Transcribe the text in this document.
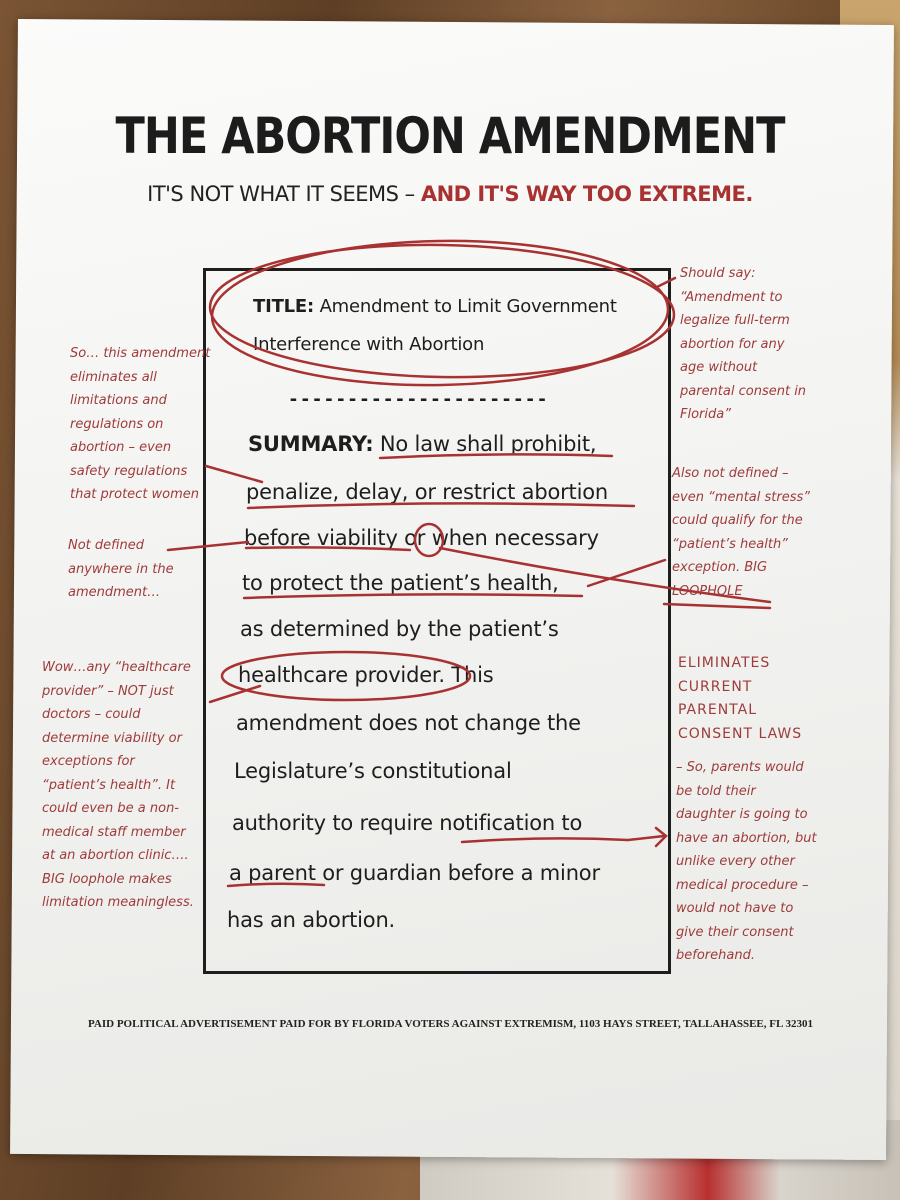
THE ABORTION AMENDMENT
IT'S NOT WHAT IT SEEMS – AND IT'S WAY TOO EXTREME.
TITLE: Amendment to Limit Government
Interference with Abortion
----------------------
SUMMARY: No law shall prohibit,
penalize, delay, or restrict abortion
before viability or when necessary
to protect the patient’s health,
as determined by the patient’s
healthcare provider. This
amendment does not change the
Legislature’s constitutional
authority to require notification to
a parent or guardian before a minor
has an abortion.
Should say:
“Amendment to
legalize full-term
abortion for any
age without
parental consent in
Florida”
So… this amendment
eliminates all
limitations and
regulations on
abortion – even
safety regulations
that protect women
Not defined
anywhere in the
amendment…
Also not defined –
even “mental stress”
could qualify for the
“patient’s health”
exception. BIG
LOOPHOLE
Wow…any “healthcare
provider” – NOT just
doctors – could
determine viability or
exceptions for
“patient’s health”. It
could even be a non-
medical staff member
at an abortion clinic….
BIG loophole makes
limitation meaningless.
ELIMINATES
CURRENT
PARENTAL
CONSENT LAWS
– So, parents would
be told their
daughter is going to
have an abortion, but
unlike every other
medical procedure –
would not have to
give their consent
beforehand.
PAID POLITICAL ADVERTISEMENT PAID FOR BY FLORIDA VOTERS AGAINST EXTREMISM, 1103 HAYS STREET, TALLAHASSEE, FL 32301
